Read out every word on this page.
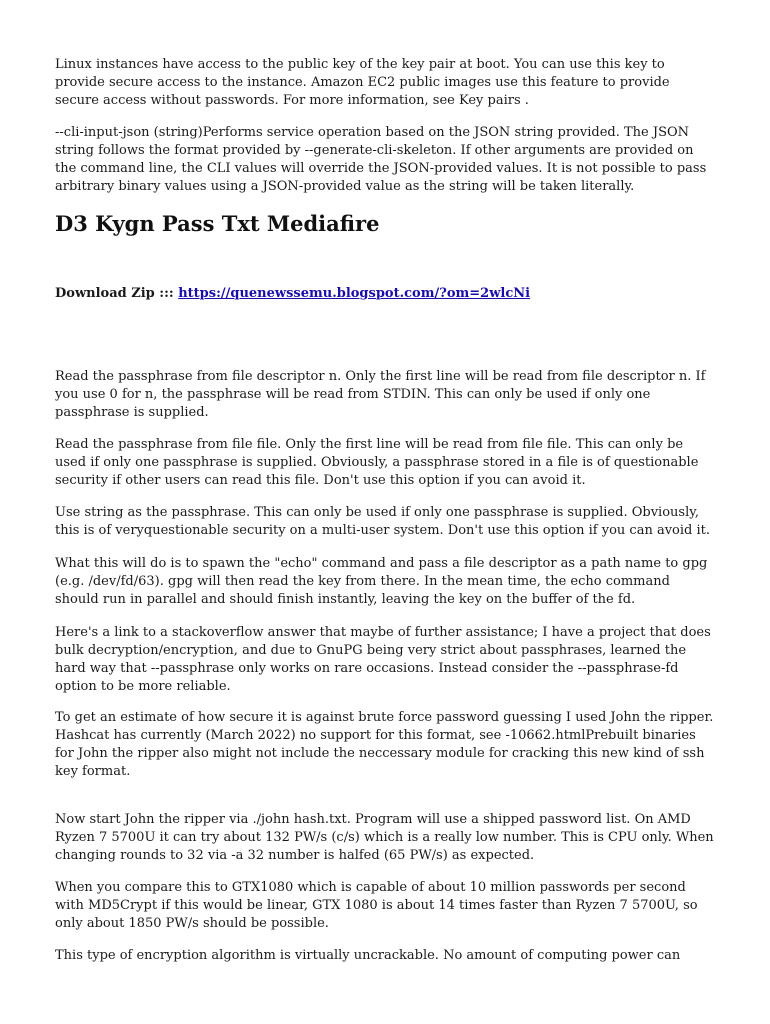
Linux instances have access to the public key of the key pair at boot. You can use this key to provide secure access to the instance. Amazon EC2 public images use this feature to provide secure access without passwords. For more information, see Key pairs .

--cli-input-json (string)Performs service operation based on the JSON string provided. The JSON string follows the format provided by --generate-cli-skeleton. If other arguments are provided on the command line, the CLI values will override the JSON-provided values. It is not possible to pass arbitrary binary values using a JSON-provided value as the string will be taken literally.

D3 Kygn Pass Txt Mediafire
Download Zip ::: https://quenewssemu.blogspot.com/?om=2wlcNi

Read the passphrase from file descriptor n. Only the first line will be read from file descriptor n. If you use 0 for n, the passphrase will be read from STDIN. This can only be used if only one passphrase is supplied.

Read the passphrase from file file. Only the first line will be read from file file. This can only be used if only one passphrase is supplied. Obviously, a passphrase stored in a file is of questionable security if other users can read this file. Don't use this option if you can avoid it.

Use string as the passphrase. This can only be used if only one passphrase is supplied. Obviously, this is of veryquestionable security on a multi-user system. Don't use this option if you can avoid it.

What this will do is to spawn the "echo" command and pass a file descriptor as a path name to gpg (e.g. /dev/fd/63). gpg will then read the key from there. In the mean time, the echo command should run in parallel and should finish instantly, leaving the key on the buffer of the fd.

Here's a link to a stackoverflow answer that maybe of further assistance; I have a project that does bulk decryption/encryption, and due to GnuPG being very strict about passphrases, learned the hard way that --passphrase only works on rare occasions. Instead consider the --passphrase-fd option to be more reliable.

To get an estimate of how secure it is against brute force password guessing I used John the ripper. Hashcat has currently (March 2022) no support for this format, see -10662.htmlPrebuilt binaries for John the ripper also might not include the neccessary module for cracking this new kind of ssh key format.

Now start John the ripper via ./john hash.txt. Program will use a shipped password list. On AMD Ryzen 7 5700U it can try about 132 PW/s (c/s) which is a really low number. This is CPU only. When changing rounds to 32 via -a 32 number is halfed (65 PW/s) as expected.

When you compare this to GTX1080 which is capable of about 10 million passwords per second with MD5Crypt if this would be linear, GTX 1080 is about 14 times faster than Ryzen 7 5700U, so only about 1850 PW/s should be possible.

This type of encryption algorithm is virtually uncrackable. No amount of computing power can
